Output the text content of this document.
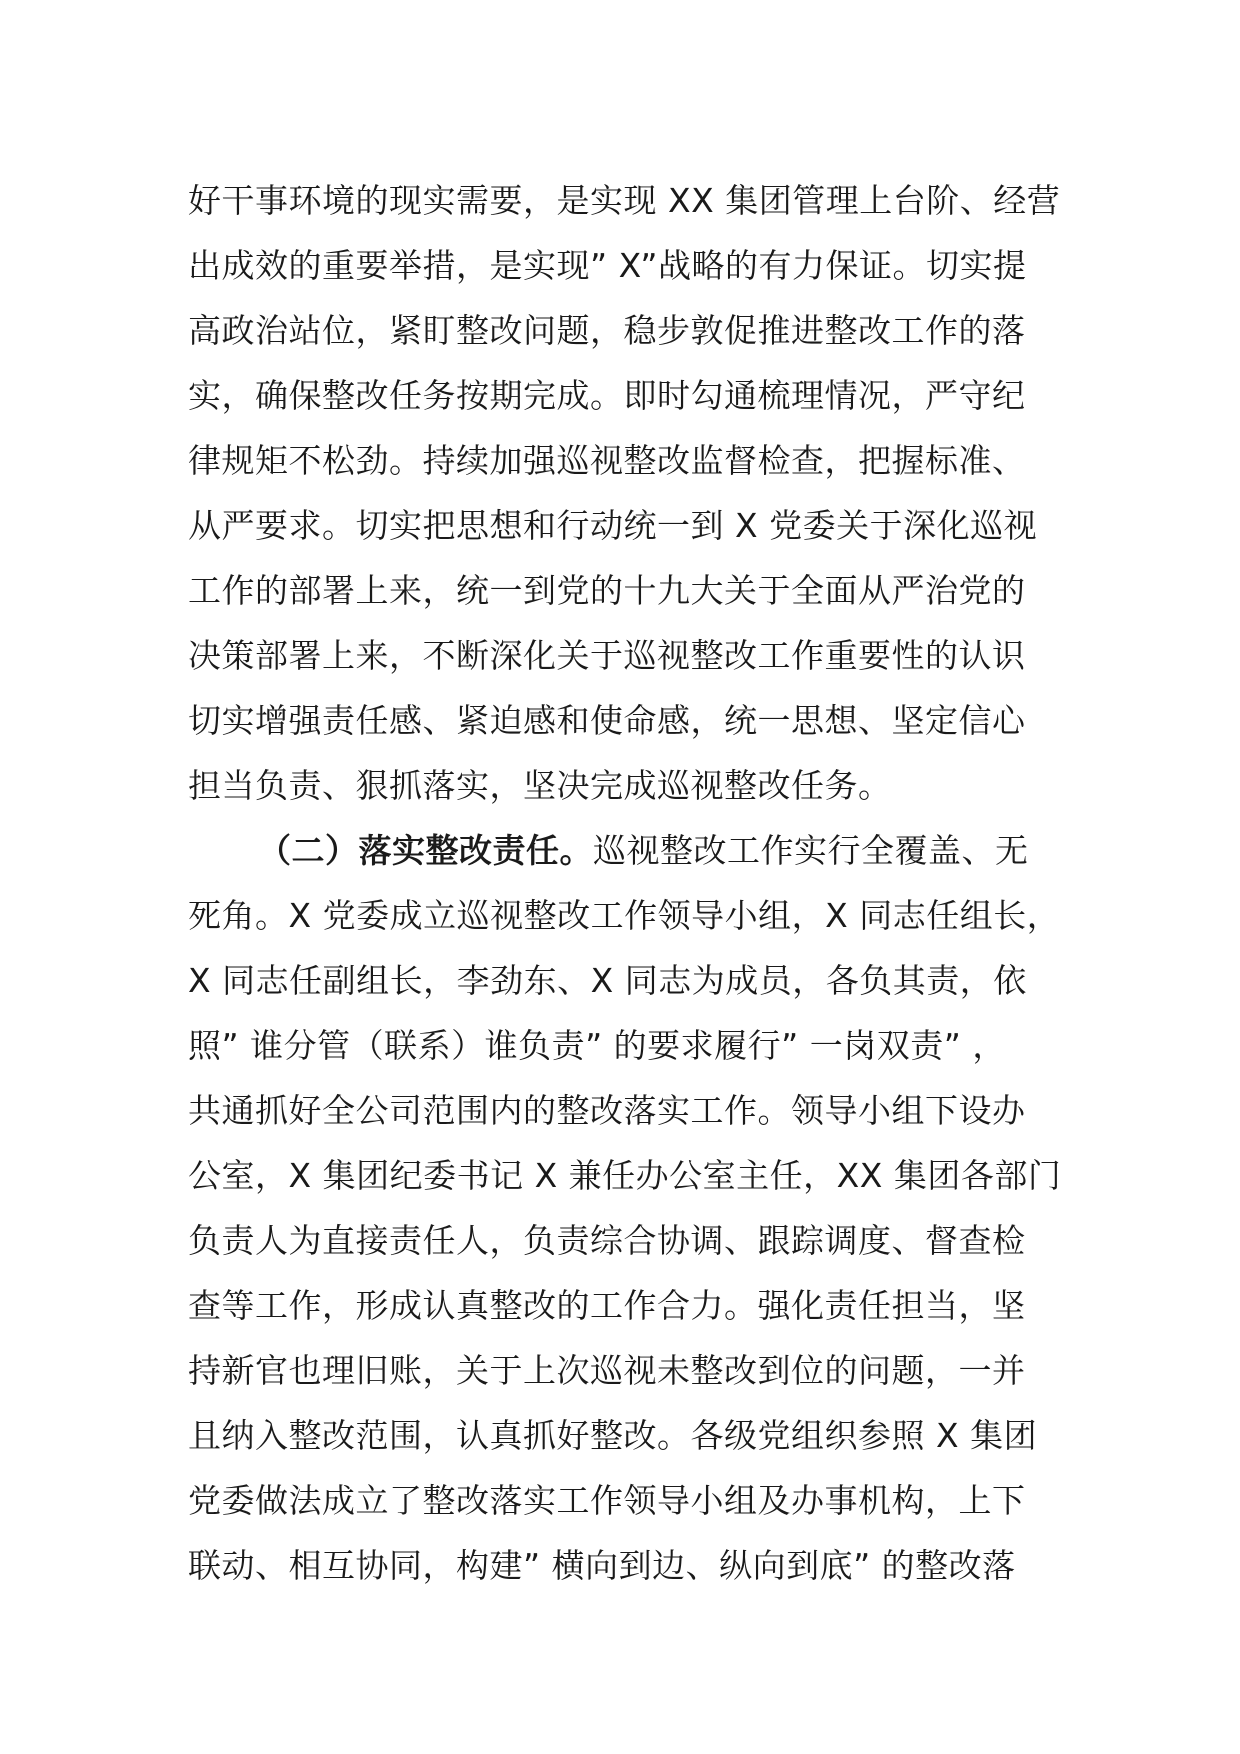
好干事环境的现实需要，是实现 XX 集团管理上台阶、经营
出成效的重要举措，是实现” X”战略的有力保证。切实提
高政治站位，紧盯整改问题，稳步敦促推进整改工作的落
实，确保整改任务按期完成。即时勾通梳理情况，严守纪
律规矩不松劲。持续加强巡视整改监督检查，把握标准、
从严要求。切实把思想和行动统一到 X 党委关于深化巡视
工作的部署上来，统一到党的十九大关于全面从严治党的
决策部署上来，不断深化关于巡视整改工作重要性的认识
切实增强责任感、紧迫感和使命感，统一思想、坚定信心
担当负责、狠抓落实，坚决完成巡视整改任务。
（二）落实整改责任。巡视整改工作实行全覆盖、无
死角。X 党委成立巡视整改工作领导小组，X 同志任组长，
X 同志任副组长，李劲东、X 同志为成员，各负其责，依
照” 谁分管（联系）谁负责” 的要求履行” 一岗双责” ，
共通抓好全公司范围内的整改落实工作。领导小组下设办
公室，X 集团纪委书记 X 兼任办公室主任，XX 集团各部门
负责人为直接责任人，负责综合协调、跟踪调度、督查检
查等工作，形成认真整改的工作合力。强化责任担当，坚
持新官也理旧账，关于上次巡视未整改到位的问题，一并
且纳入整改范围，认真抓好整改。各级党组织参照 X 集团
党委做法成立了整改落实工作领导小组及办事机构，上下
联动、相互协同，构建” 横向到边、纵向到底” 的整改落
